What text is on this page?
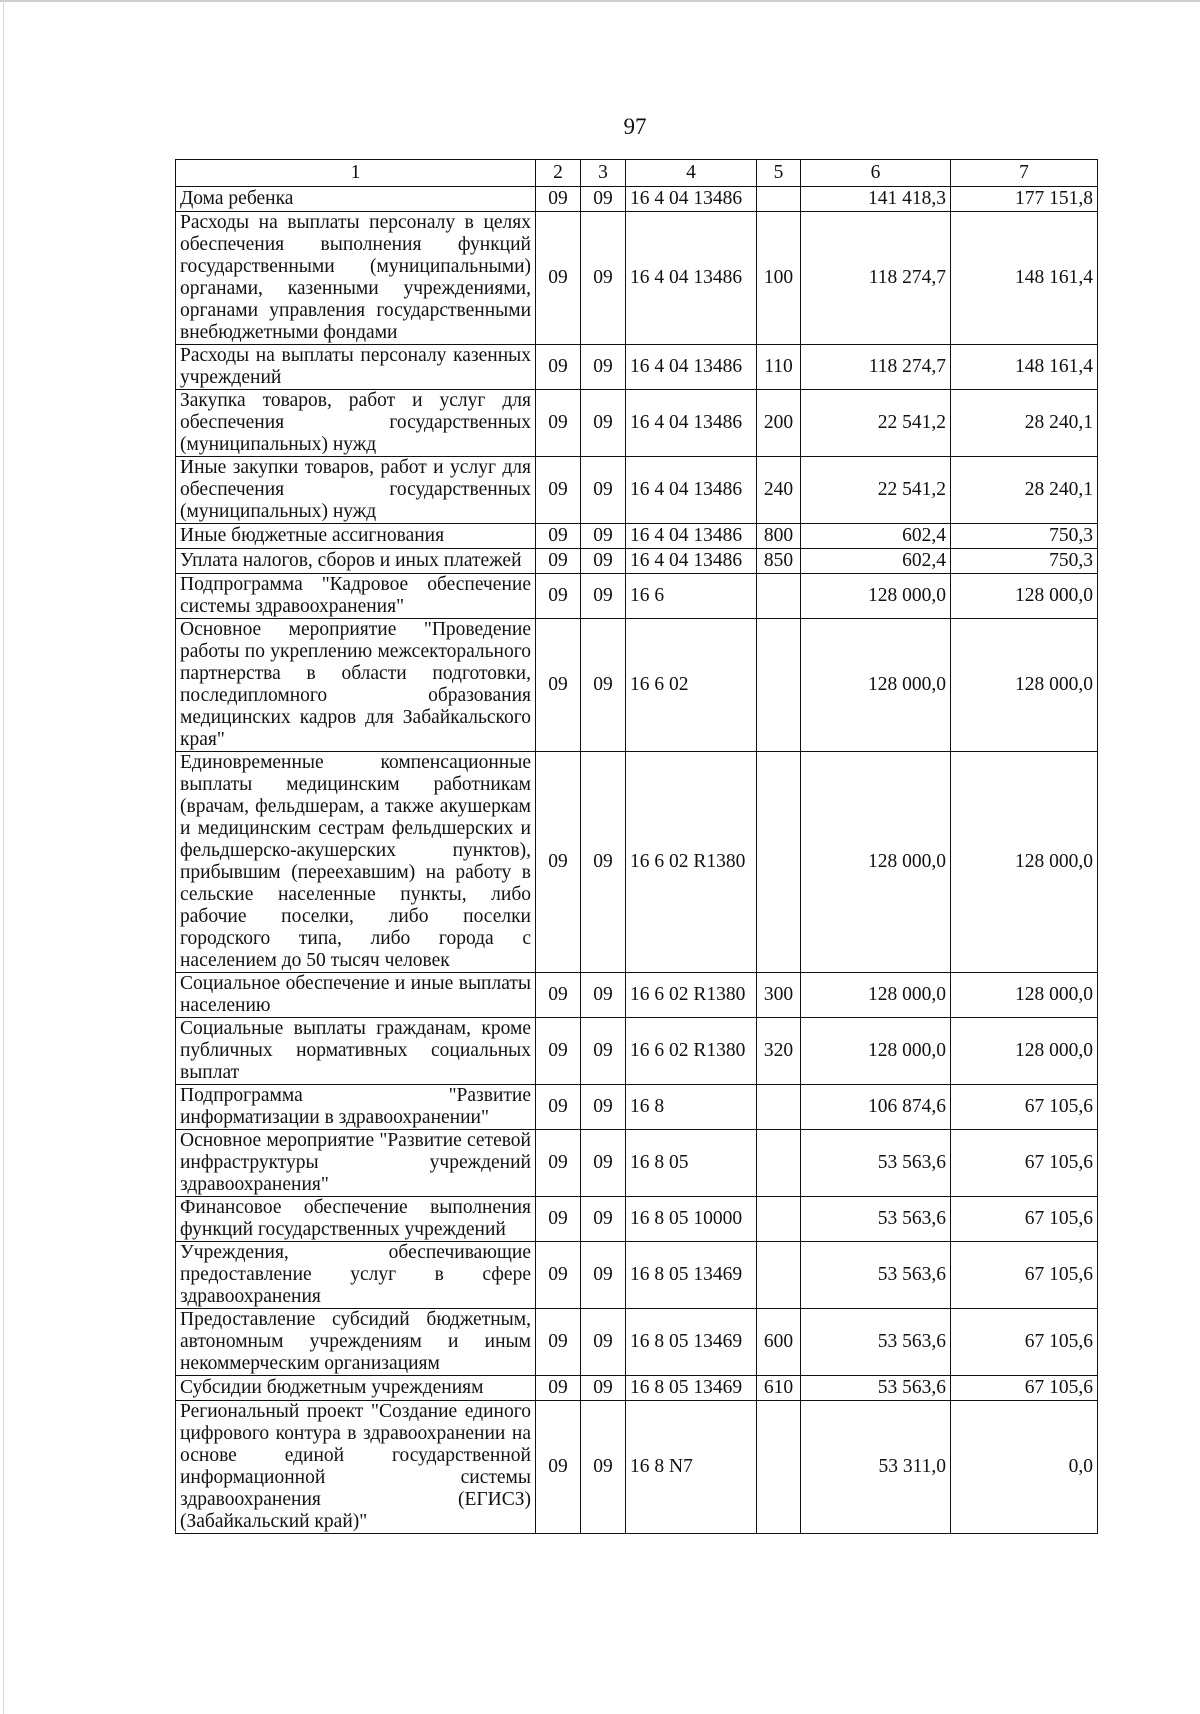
97
1	2	3	4	5	6	7
Дома ребенка	09	09	16 4 04 13486		141 418,3	177 151,8
Расходы на выплаты персоналу в целях обеспечения выполнения функций государственными (муниципальными) органами, казенными учреждениями, органами управления государственными внебюджетными фондами	09	09	16 4 04 13486	100	118 274,7	148 161,4
Расходы на выплаты персоналу казенных учреждений	09	09	16 4 04 13486	110	118 274,7	148 161,4
Закупка товаров, работ и услуг для обеспечения государственных (муниципальных) нужд	09	09	16 4 04 13486	200	22 541,2	28 240,1
Иные закупки товаров, работ и услуг для обеспечения государственных (муниципальных) нужд	09	09	16 4 04 13486	240	22 541,2	28 240,1
Иные бюджетные ассигнования	09	09	16 4 04 13486	800	602,4	750,3
Уплата налогов, сборов и иных платежей	09	09	16 4 04 13486	850	602,4	750,3
Подпрограмма "Кадровое обеспечение системы здравоохранения"	09	09	16 6		128 000,0	128 000,0
Основное мероприятие "Проведение работы по укреплению межсекторального партнерства в области подготовки, последипломного образования медицинских кадров для Забайкальского края"	09	09	16 6 02		128 000,0	128 000,0
Единовременные компенсационные выплаты медицинским работникам (врачам, фельдшерам, а также акушеркам и медицинским сестрам фельдшерских и фельдшерско-акушерских пунктов), прибывшим (переехавшим) на работу в сельские населенные пункты, либо рабочие поселки, либо поселки городского типа, либо города с населением до 50 тысяч человек	09	09	16 6 02 R1380		128 000,0	128 000,0
Социальное обеспечение и иные выплаты населению	09	09	16 6 02 R1380	300	128 000,0	128 000,0
Социальные выплаты гражданам, кроме публичных нормативных социальных выплат	09	09	16 6 02 R1380	320	128 000,0	128 000,0
Подпрограмма "Развитие информатизации в здравоохранении"	09	09	16 8		106 874,6	67 105,6
Основное мероприятие "Развитие сетевой инфраструктуры учреждений здравоохранения"	09	09	16 8 05		53 563,6	67 105,6
Финансовое обеспечение выполнения функций государственных учреждений	09	09	16 8 05 10000		53 563,6	67 105,6
Учреждения, обеспечивающие предоставление услуг в сфере здравоохранения	09	09	16 8 05 13469		53 563,6	67 105,6
Предоставление субсидий бюджетным, автономным учреждениям и иным некоммерческим организациям	09	09	16 8 05 13469	600	53 563,6	67 105,6
Субсидии бюджетным учреждениям	09	09	16 8 05 13469	610	53 563,6	67 105,6
Региональный проект "Создание единого цифрового контура в здравоохранении на основе единой государственной информационной системы здравоохранения (ЕГИСЗ) (Забайкальский край)"	09	09	16 8 N7		53 311,0	0,0
